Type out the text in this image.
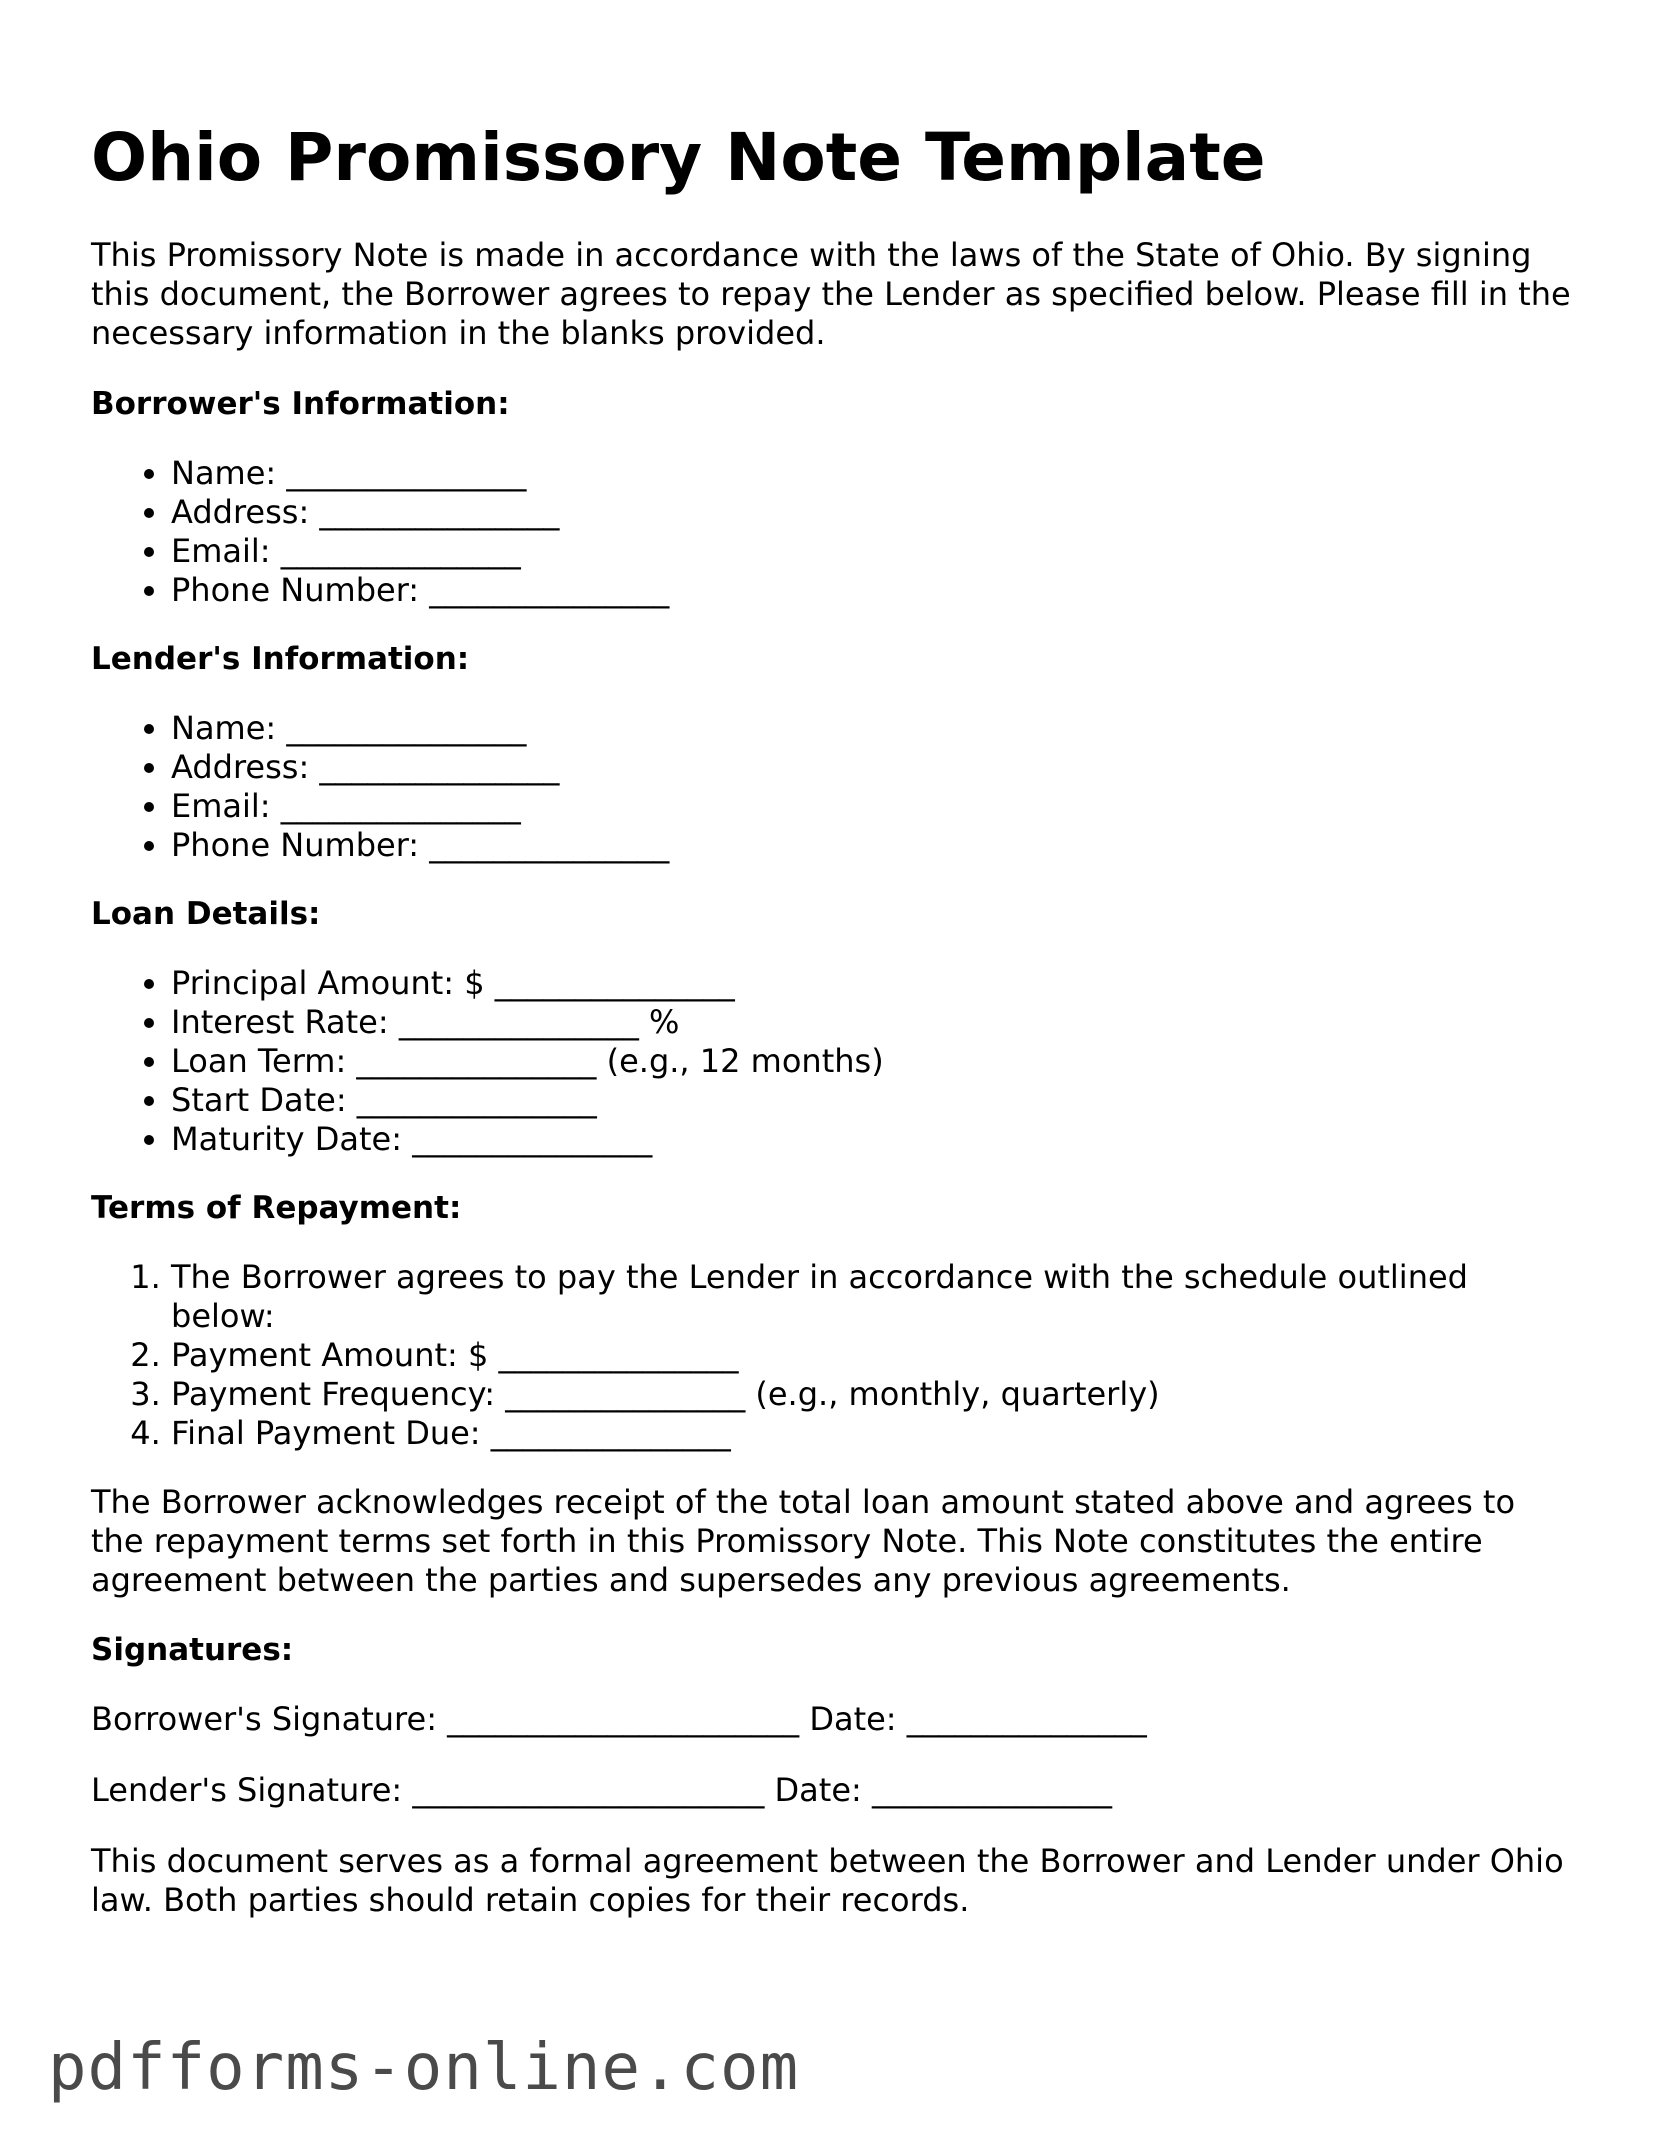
Ohio Promissory Note Template

This Promissory Note is made in accordance with the laws of the State of Ohio. By signing this document, the Borrower agrees to repay the Lender as specified below. Please fill in the necessary information in the blanks provided.

Borrower's Information:
• Name: _______________
• Address: _______________
• Email: _______________
• Phone Number: _______________
Lender's Information:
• Name: _______________
• Address: _______________
• Email: _______________
• Phone Number: _______________
Loan Details:
• Principal Amount: $ _______________
• Interest Rate: _______________ %
• Loan Term: _______________ (e.g., 12 months)
• Start Date: _______________
• Maturity Date: _______________
Terms of Repayment:
1. The Borrower agrees to pay the Lender in accordance with the schedule outlined below:
2. Payment Amount: $ _______________
3. Payment Frequency: _______________ (e.g., monthly, quarterly)
4. Final Payment Due: _______________

The Borrower acknowledges receipt of the total loan amount stated above and agrees to the repayment terms set forth in this Promissory Note. This Note constitutes the entire agreement between the parties and supersedes any previous agreements.

Signatures:

Borrower's Signature: ______________________ Date: _______________

Lender's Signature: ______________________ Date: _______________

This document serves as a formal agreement between the Borrower and Lender under Ohio law. Both parties should retain copies for their records.

pdfforms-online.com
